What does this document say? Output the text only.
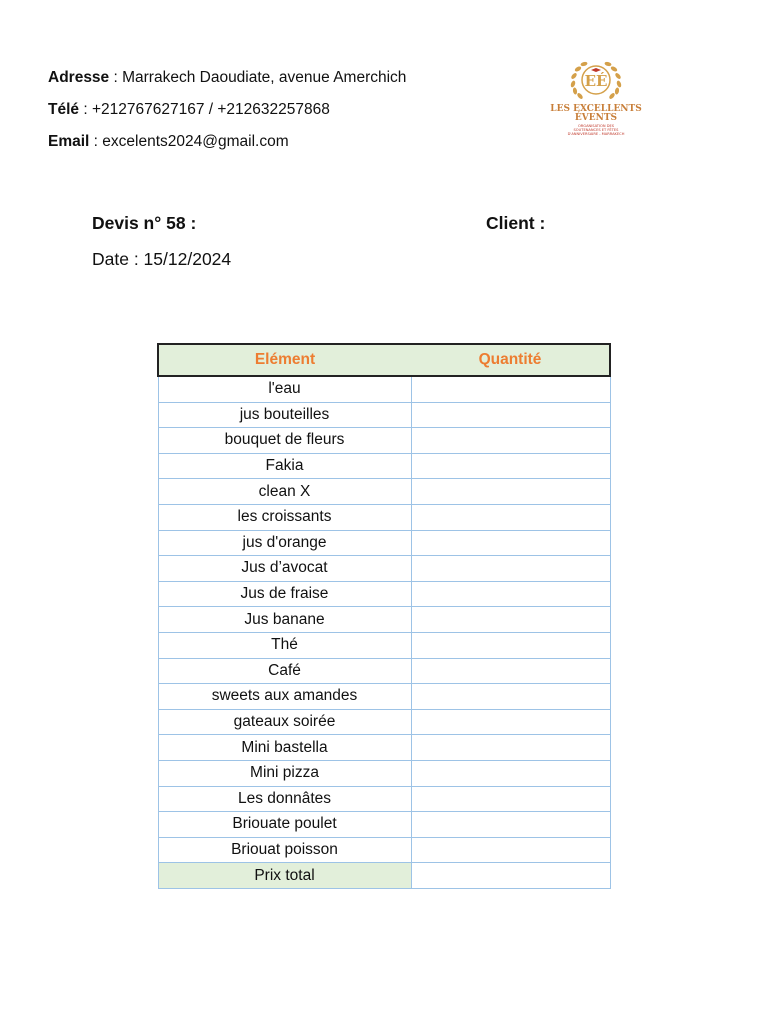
Adresse : Marrakech Daoudiate, avenue Amerchich
Télé : +212767627167 / +212632257868
Email : excelents2024@gmail.com
EÉ
LES EXCELLENTS
ÉVENTS
ORGANISATION DES
SOUTENANCES ET FÊTES
D'ANNIVERSAIRE - MARRAKECH
Devis n° 58 :	Client :
Date : 15/12/2024
Elément	Quantité
l'eau	
jus bouteilles	
bouquet de fleurs	
Fakia	
clean X	
les croissants	
jus d'orange	
Jus d’avocat	
Jus de fraise	
Jus banane	
Thé	
Café	
sweets aux amandes	
gateaux soirée	
Mini bastella	
Mini pizza	
Les donnâtes	
Briouate poulet	
Briouat poisson	
Prix total	
